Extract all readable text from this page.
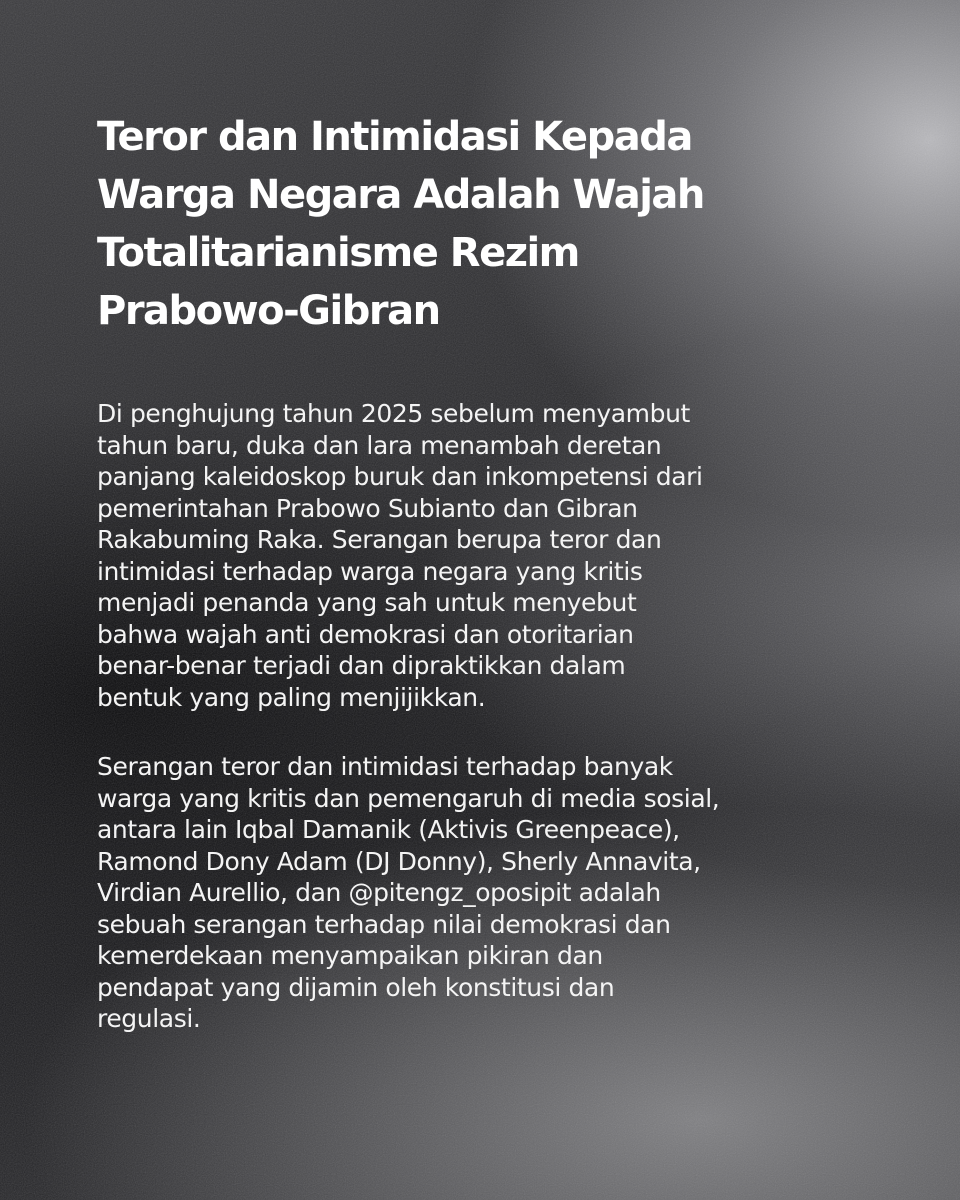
Teror dan Intimidasi Kepada
Warga Negara Adalah Wajah
Totalitarianisme Rezim
Prabowo-Gibran

Di penghujung tahun 2025 sebelum menyambut
tahun baru, duka dan lara menambah deretan
panjang kaleidoskop buruk dan inkompetensi dari
pemerintahan Prabowo Subianto dan Gibran
Rakabuming Raka. Serangan berupa teror dan
intimidasi terhadap warga negara yang kritis
menjadi penanda yang sah untuk menyebut
bahwa wajah anti demokrasi dan otoritarian
benar-benar terjadi dan dipraktikkan dalam
bentuk yang paling menjijikkan.

Serangan teror dan intimidasi terhadap banyak
warga yang kritis dan pemengaruh di media sosial,
antara lain Iqbal Damanik (Aktivis Greenpeace),
Ramond Dony Adam (DJ Donny), Sherly Annavita,
Virdian Aurellio, dan @pitengz_oposipit adalah
sebuah serangan terhadap nilai demokrasi dan
kemerdekaan menyampaikan pikiran dan
pendapat yang dijamin oleh konstitusi dan
regulasi.
